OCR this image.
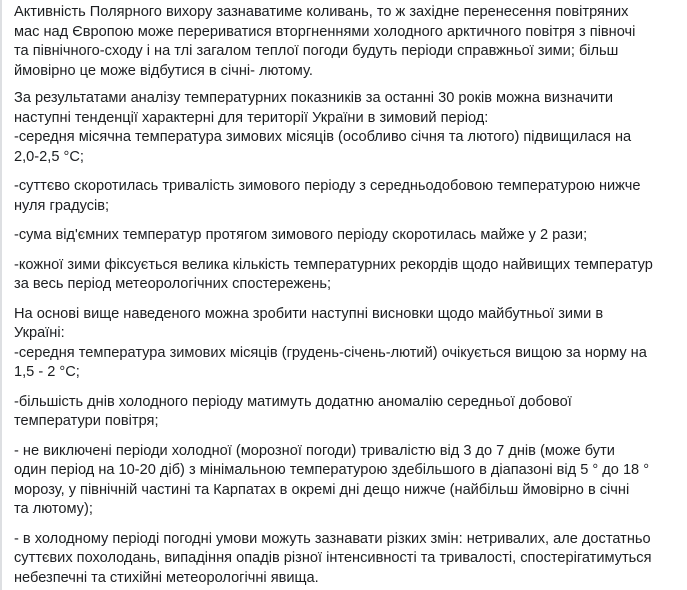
Активність Полярного вихору зазнаватиме коливань, то ж західне перенесення повітряних
мас над Європою може перериватися вторгненнями холодного арктичного повітря з півночі
та північного-сходу і на тлі загалом теплої погоди будуть періоди справжньої зими; більш
ймовірно це може відбутися в січні- лютому.

За результатами аналізу температурних показників за останні 30 років можна визначити
наступні тенденції характерні для території України в зимовий період:
-середня місячна температура зимових місяців (особливо січня та лютого) підвищилася на
2,0-2,5 °С;

-суттєво скоротилась тривалість зимового періоду з середньодобовою температурою нижче
нуля градусів;

-сума від'ємних температур протягом зимового періоду скоротилась майже у 2 рази;

-кожної зими фіксується велика кількість температурних рекордів щодо найвищих температур
за весь період метеорологічних спостережень;

На основі вище наведеного можна зробити наступні висновки щодо майбутньої зими в
Україні:
-середня температура зимових місяців (грудень-січень-лютий) очікується вищою за норму на
1,5 - 2 °С;

-більшість днів холодного періоду матимуть додатню аномалію середньої добової
температури повітря;

- не виключені періоди холодної (морозної погоди) тривалістю від 3 до 7 днів (може бути
один період на 10-20 діб) з мінімальною температурою здебільшого в діапазоні від 5 ° до 18 °
морозу, у північній частині та Карпатах в окремі дні дещо нижче (найбільш ймовірно в січні
та лютому);

- в холодному періоді погодні умови можуть зазнавати різких змін: нетривалих, але достатньо
суттєвих похолодань, випадіння опадів різної інтенсивності та тривалості, спостерігатимуться
небезпечні та стихійні метеорологічні явища.
